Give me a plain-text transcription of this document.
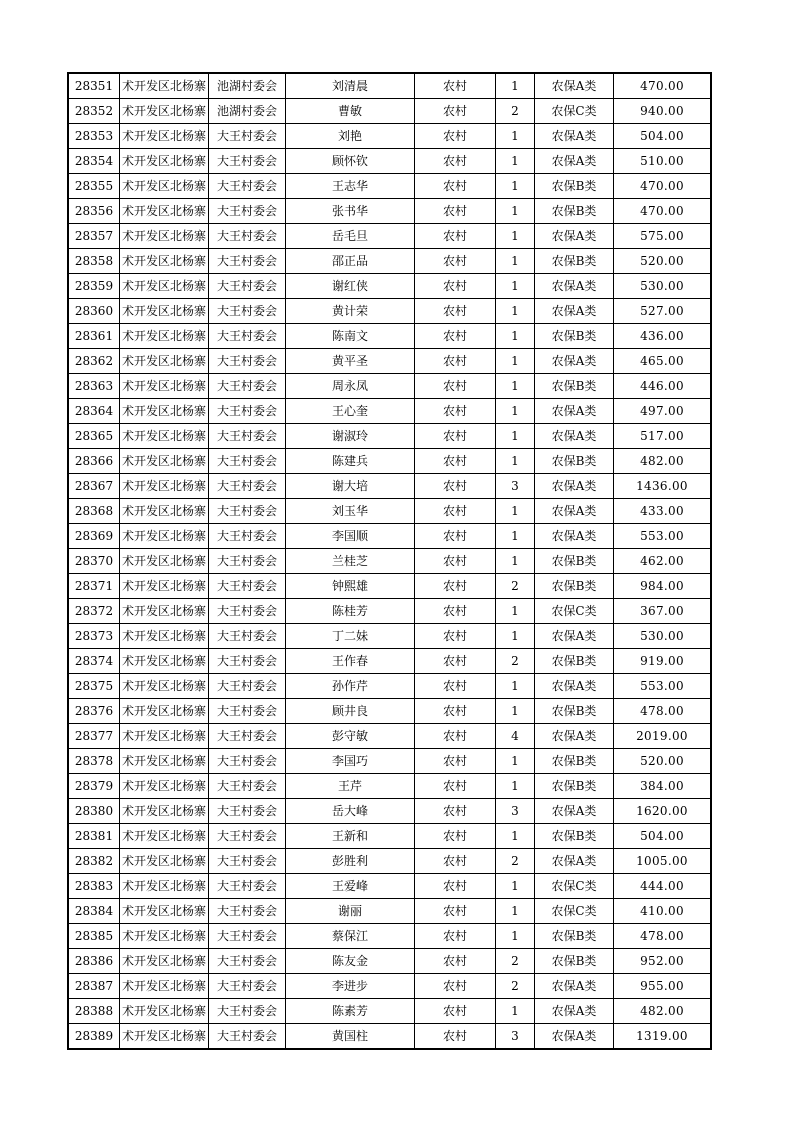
28351	术开发区北杨寨	池湖村委会	刘清晨	农村	1	农保A类	470.00
28352	术开发区北杨寨	池湖村委会	曹敏	农村	2	农保C类	940.00
28353	术开发区北杨寨	大王村委会	刘艳	农村	1	农保A类	504.00
28354	术开发区北杨寨	大王村委会	顾怀钦	农村	1	农保A类	510.00
28355	术开发区北杨寨	大王村委会	王志华	农村	1	农保B类	470.00
28356	术开发区北杨寨	大王村委会	张书华	农村	1	农保B类	470.00
28357	术开发区北杨寨	大王村委会	岳毛旦	农村	1	农保A类	575.00
28358	术开发区北杨寨	大王村委会	邵正品	农村	1	农保B类	520.00
28359	术开发区北杨寨	大王村委会	谢红侠	农村	1	农保A类	530.00
28360	术开发区北杨寨	大王村委会	黄计荣	农村	1	农保A类	527.00
28361	术开发区北杨寨	大王村委会	陈南文	农村	1	农保B类	436.00
28362	术开发区北杨寨	大王村委会	黄平圣	农村	1	农保A类	465.00
28363	术开发区北杨寨	大王村委会	周永凤	农村	1	农保B类	446.00
28364	术开发区北杨寨	大王村委会	王心奎	农村	1	农保A类	497.00
28365	术开发区北杨寨	大王村委会	谢淑玲	农村	1	农保A类	517.00
28366	术开发区北杨寨	大王村委会	陈建兵	农村	1	农保B类	482.00
28367	术开发区北杨寨	大王村委会	谢大培	农村	3	农保A类	1436.00
28368	术开发区北杨寨	大王村委会	刘玉华	农村	1	农保A类	433.00
28369	术开发区北杨寨	大王村委会	李国顺	农村	1	农保A类	553.00
28370	术开发区北杨寨	大王村委会	兰桂芝	农村	1	农保B类	462.00
28371	术开发区北杨寨	大王村委会	钟熙雄	农村	2	农保B类	984.00
28372	术开发区北杨寨	大王村委会	陈桂芳	农村	1	农保C类	367.00
28373	术开发区北杨寨	大王村委会	丁二妹	农村	1	农保A类	530.00
28374	术开发区北杨寨	大王村委会	王作春	农村	2	农保B类	919.00
28375	术开发区北杨寨	大王村委会	孙作芹	农村	1	农保A类	553.00
28376	术开发区北杨寨	大王村委会	顾井良	农村	1	农保B类	478.00
28377	术开发区北杨寨	大王村委会	彭守敏	农村	4	农保A类	2019.00
28378	术开发区北杨寨	大王村委会	李国巧	农村	1	农保B类	520.00
28379	术开发区北杨寨	大王村委会	王芹	农村	1	农保B类	384.00
28380	术开发区北杨寨	大王村委会	岳大峰	农村	3	农保A类	1620.00
28381	术开发区北杨寨	大王村委会	王新和	农村	1	农保B类	504.00
28382	术开发区北杨寨	大王村委会	彭胜利	农村	2	农保A类	1005.00
28383	术开发区北杨寨	大王村委会	王爱峰	农村	1	农保C类	444.00
28384	术开发区北杨寨	大王村委会	谢丽	农村	1	农保C类	410.00
28385	术开发区北杨寨	大王村委会	蔡保江	农村	1	农保B类	478.00
28386	术开发区北杨寨	大王村委会	陈友金	农村	2	农保B类	952.00
28387	术开发区北杨寨	大王村委会	李进步	农村	2	农保A类	955.00
28388	术开发区北杨寨	大王村委会	陈素芳	农村	1	农保A类	482.00
28389	术开发区北杨寨	大王村委会	黄国柱	农村	3	农保A类	1319.00
